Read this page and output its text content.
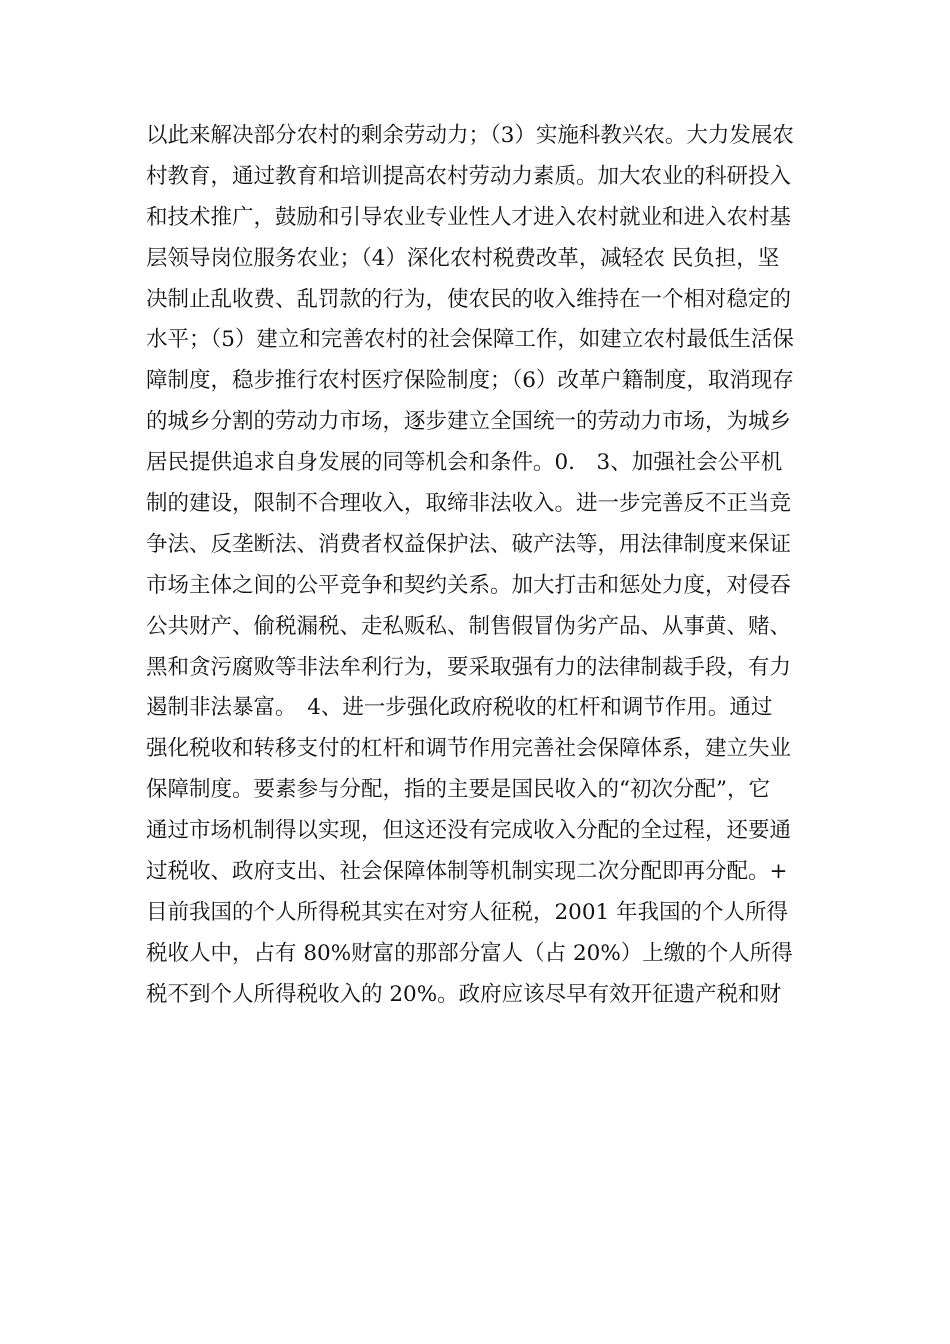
以此来解决部分农村的剩余劳动力；（3）实施科教兴农。大力发展农
村教育，通过教育和培训提高农村劳动力素质。加大农业的科研投入
和技术推广，鼓励和引导农业专业性人才进入农村就业和进入农村基
层领导岗位服务农业；（4）深化农村税费改革，减轻农 民负担，坚
决制止乱收费、乱罚款的行为，使农民的收入维持在一个相对稳定的
水平；（5）建立和完善农村的社会保障工作，如建立农村最低生活保
障制度，稳步推行农村医疗保险制度；（6）改革户籍制度，取消现存
的城乡分割的劳动力市场，逐步建立全国统一的劳动力市场，为城乡
居民提供追求自身发展的同等机会和条件。0.　3、加强社会公平机
制的建设，限制不合理收入，取缔非法收入。进一步完善反不正当竞
争法、反垄断法、消费者权益保护法、破产法等，用法律制度来保证
市场主体之间的公平竞争和契约关系。加大打击和惩处力度，对侵吞
公共财产、偷税漏税、走私贩私、制售假冒伪劣产品、从事黄、赌、
黑和贪污腐败等非法牟利行为，要采取强有力的法律制裁手段，有力
遏制非法暴富。　4、进一步强化政府税收的杠杆和调节作用。通过
强化税收和转移支付的杠杆和调节作用完善社会保障体系，建立失业
保障制度。要素参与分配，指的主要是国民收入的“初次分配”，它
通过市场机制得以实现，但这还没有完成收入分配的全过程，还要通
过税收、政府支出、社会保障体制等机制实现二次分配即再分配。+
目前我国的个人所得税其实在对穷人征税，2001 年我国的个人所得
税收人中，占有 80%财富的那部分富人（占 20%）上缴的个人所得
税不到个人所得税收入的 20%。政府应该尽早有效开征遗产税和财
